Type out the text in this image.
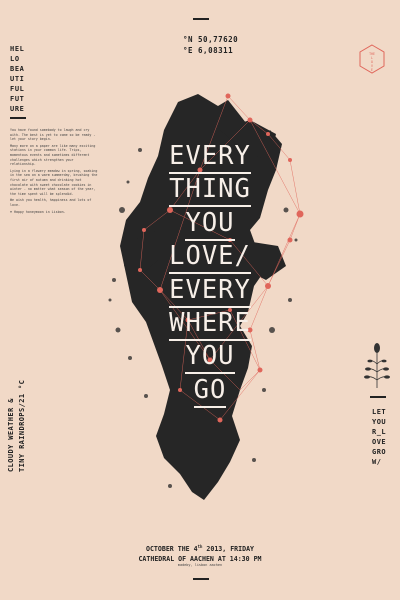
°N 50,77620
°E 6,08311
HEL
LO
BEA
UTI
FUL
FUT
URE

You have found somebody to laugh and cry with. The best is yet to come so be ready - let your story begin.

Many more on a paper are like many exciting stations in your common life. Trips, momentous events and sometimes different challenges which strengthen your relationship.

Lying in a flowery meadow in spring, soaking in the sea on a warm summerday, brushing the first air of autumn and drinking hot chocolate with sweet chocolate cookies in winter - no matter what season of the year, the time spent will be splendid.

We wish you health, happiness and lots of love.

♦ Happy honeymoon in Lisbon.

THE
L
O
V
E
EVERY
THING
YOU
LOVE/
EVERY
WHERE
YOU
GO
CLOUDY WEATHER & TINY RAINDROPS/21 °C	LET
YOU
R_L
OVE
GRO
W/
OCTOBER THE 4th 2013, FRIDAY
CATHEDRAL OF AACHEN AT 14:30 PM
madeby, lisbon aachen
